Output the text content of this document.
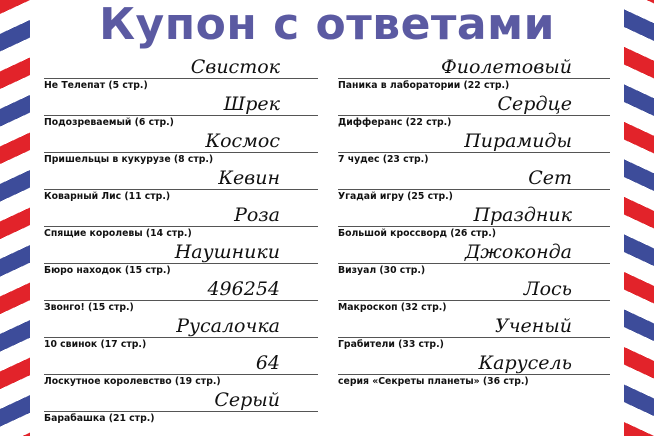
Купон с ответами
Свисток
Не Телепат (5 стр.)
Шрек
Подозреваемый (6 стр.)
Космос
Пришельцы в кукурузе (8 стр.)
Кевин
Коварный Лис (11 стр.)
Роза
Спящие королевы (14 стр.)
Наушники
Бюро находок (15 стр.)
496254
Звонго! (15 стр.)
Русалочка
10 свинок (17 стр.)
64
Лоскутное королевство (19 стр.)
Серый
Барабашка (21 стр.)
Фиолетовый
Паника в лаборатории (22 стр.)
Сердце
Дифферанс (22 стр.)
Пирамиды
7 чудес (23 стр.)
Сет
Угадай игру (25 стр.)
Праздник
Большой кроссворд (26 стр.)
Джоконда
Визуал (30 стр.)
Лось
Макроскоп (32 стр.)
Ученый
Грабители (33 стр.)
Карусель
серия «Секреты планеты» (36 стр.)
